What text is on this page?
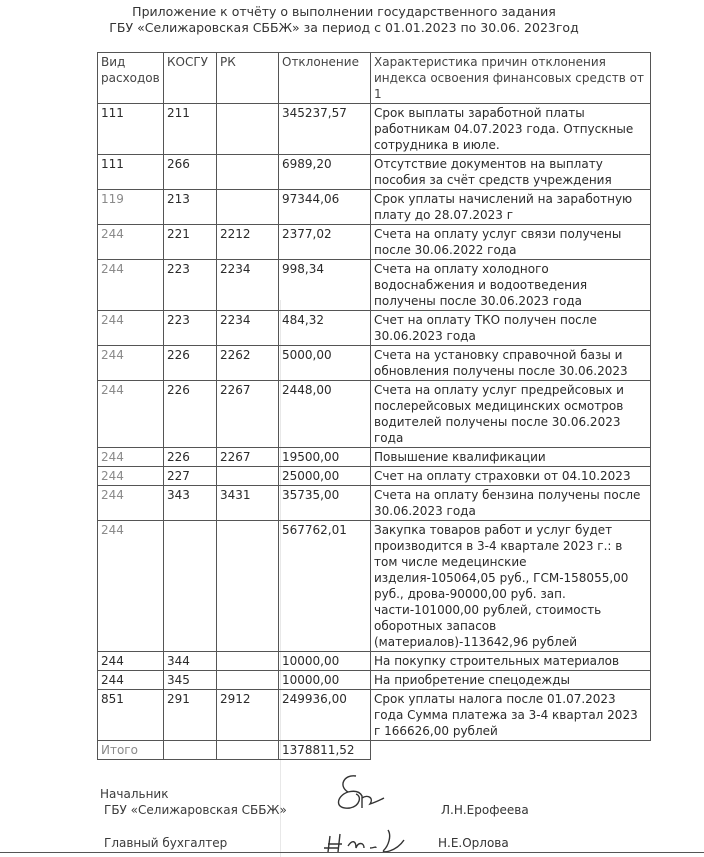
Приложение к отчёту о выполнении государственного задания
ГБУ «Селижаровская СББЖ» за период с 01.01.2023 по 30.06. 2023год
Вид расходов	КОСГУ	РК	Отклонение	Характеристика причин отклонения индекса освоения финансовых средств от 1
111	211		345237,57	Срок выплаты заработной платы работникам 04.07.2023 года. Отпускные сотрудника в июле.
111	266		6989,20	Отсутствие документов на выплату пособия за счёт средств учреждения
119	213		97344,06	Срок уплаты начислений на заработную плату до 28.07.2023 г
244	221	2212	2377,02	Счета на оплату услуг связи получены после 30.06.2022 года
244	223	2234	998,34	Счета на оплату холодного водоснабжения и водоотведения получены после 30.06.2023 года
244	223	2234	484,32	Счет на оплату ТКО получен после 30.06.2023 года
244	226	2262	5000,00	Счета на установку справочной базы и обновления получены после 30.06.2023
244	226	2267	2448,00	Счета на оплату услуг предрейсовых и послерейсовых медицинских осмотров водителей получены после 30.06.2023 года
244	226	2267	19500,00	Повышение квалификации
244	227		25000,00	Счет на оплату страховки от 04.10.2023
244	343	3431	35735,00	Счета на оплату бензина получены после 30.06.2023 года
244			567762,01	Закупка товаров работ и услуг будет производится в 3-4 квартале 2023 г.: в том числе медецинские изделия-105064,05 руб., ГСМ-158055,00 руб., дрова-90000,00 руб. зап. части-101000,00 рублей, стоимость оборотных запасов (материалов)-113642,96 рублей
244	344		10000,00	На покупку строительных материалов
244	345		10000,00	На приобретение спецодежды
851	291	2912	249936,00	Срок уплаты налога после 01.07.2023 года Сумма платежа за 3-4 квартал 2023 г 166626,00 рублей
Итого			1378811,52	
Начальник
ГБУ «Селижаровская СББЖ»	Л.Н.Ерофеева
Главный бухгалтер	Н.Е.Орлова
